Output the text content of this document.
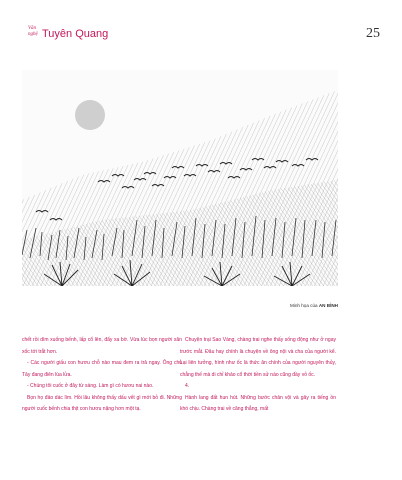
Văn
nghệ Tuyên Quang	25
Minh họa của AN BÌNH

chết rồi dìm xuống bếnh, lấp cổ lên, đẩy xa bờ. Vừa lúc bọn người xăn xốc tới trắt hơn.

- Các người giấu con hươu chỗ nào mau đem ra trả ngay. Ông chủ Tây đang điên lùa lửa.

- Chúng tôi cuốc ở đây từ sáng. Làm gì có hươu nai nào.

Bọn họ đảo dác lìm. Hồi lâu không thấy dấu vết gì mới bỏ đi. Những người cuốc bếnh chia thịt con hươu nặng hơn một tạ.

Chuyện trại Sao Vàng, chàng trai nghe thấy sống động như ở ngay trước mắt. Đâu hay chính là chuyện về ông nội và cha của người kể. Lại liên tưởng, hình như ốc là thức ăn chính của người nguyên thủy, chẳng thế mà di chỉ khảo cổ thời tiền sử nào cũng đầy vỏ ốc.

4.

Hành lang đất hun hút. Những bước chân vội và gây ra tiếng ồn khó chịu. Chàng trai về căng thẳng, mất
